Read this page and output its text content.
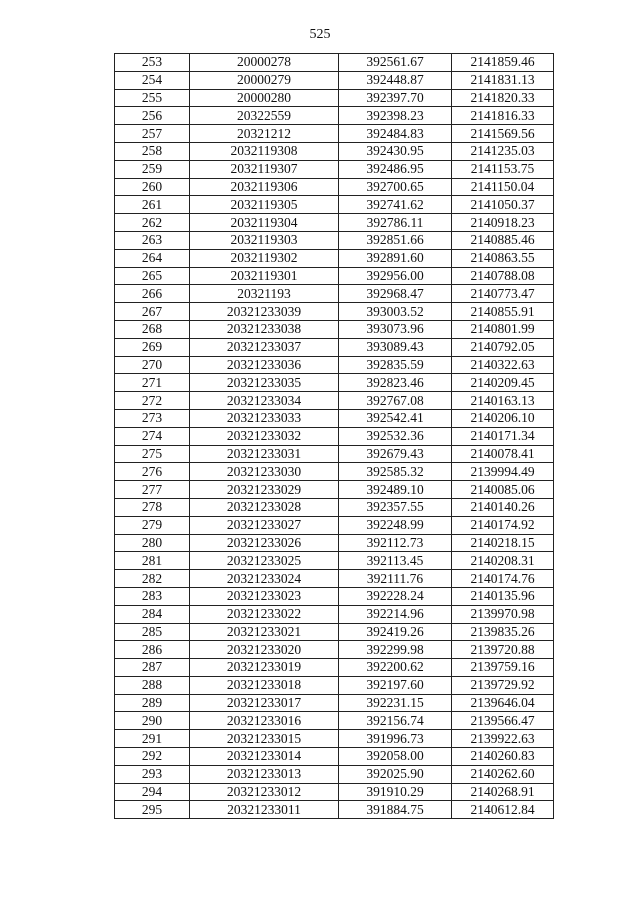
525
253	20000278	392561.67	2141859.46
254	20000279	392448.87	2141831.13
255	20000280	392397.70	2141820.33
256	20322559	392398.23	2141816.33
257	20321212	392484.83	2141569.56
258	2032119308	392430.95	2141235.03
259	2032119307	392486.95	2141153.75
260	2032119306	392700.65	2141150.04
261	2032119305	392741.62	2141050.37
262	2032119304	392786.11	2140918.23
263	2032119303	392851.66	2140885.46
264	2032119302	392891.60	2140863.55
265	2032119301	392956.00	2140788.08
266	20321193	392968.47	2140773.47
267	20321233039	393003.52	2140855.91
268	20321233038	393073.96	2140801.99
269	20321233037	393089.43	2140792.05
270	20321233036	392835.59	2140322.63
271	20321233035	392823.46	2140209.45
272	20321233034	392767.08	2140163.13
273	20321233033	392542.41	2140206.10
274	20321233032	392532.36	2140171.34
275	20321233031	392679.43	2140078.41
276	20321233030	392585.32	2139994.49
277	20321233029	392489.10	2140085.06
278	20321233028	392357.55	2140140.26
279	20321233027	392248.99	2140174.92
280	20321233026	392112.73	2140218.15
281	20321233025	392113.45	2140208.31
282	20321233024	392111.76	2140174.76
283	20321233023	392228.24	2140135.96
284	20321233022	392214.96	2139970.98
285	20321233021	392419.26	2139835.26
286	20321233020	392299.98	2139720.88
287	20321233019	392200.62	2139759.16
288	20321233018	392197.60	2139729.92
289	20321233017	392231.15	2139646.04
290	20321233016	392156.74	2139566.47
291	20321233015	391996.73	2139922.63
292	20321233014	392058.00	2140260.83
293	20321233013	392025.90	2140262.60
294	20321233012	391910.29	2140268.91
295	20321233011	391884.75	2140612.84
